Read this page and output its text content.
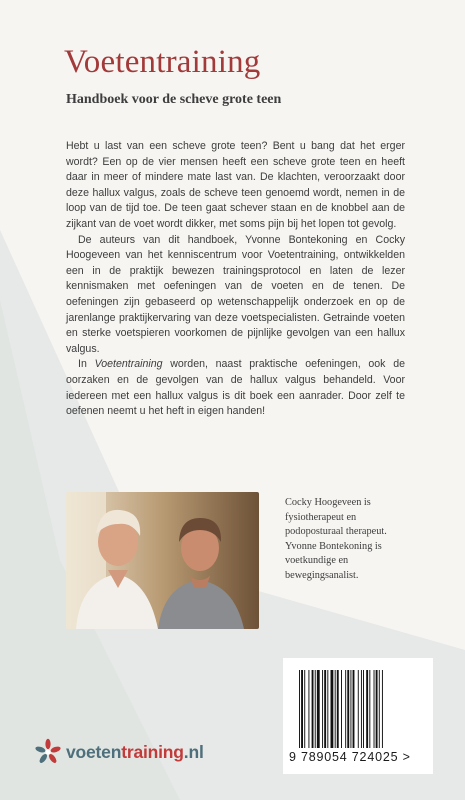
Voetentraining
Handboek voor de scheve grote teen

Hebt u last van een scheve grote teen? Bent u bang dat het erger wordt? Een op de vier mensen heeft een scheve grote teen en heeft daar in meer of mindere mate last van. De klachten, veroorzaakt door deze hallux valgus, zoals de scheve teen genoemd wordt, nemen in de loop van de tijd toe. De teen gaat schever staan en de knobbel aan de zijkant van de voet wordt dikker, met soms pijn bij het lopen tot gevolg.

De auteurs van dit handboek, Yvonne Bontekoning en Cocky Hoogeveen van het kenniscentrum voor Voetentraining, ontwikkelden een in de praktijk bewezen trainingsprotocol en laten de lezer kennismaken met oefeningen van de voeten en de tenen. De oefeningen zijn gebaseerd op wetenschappelijk onderzoek en op de jarenlange praktijkervaring van deze voetspecialisten. Getrainde voeten en sterke voetspieren voorkomen de pijnlijke gevolgen van een hallux valgus.

In Voetentraining worden, naast praktische oefeningen, ook de oorzaken en de gevolgen van de hallux valgus behandeld. Voor iedereen met een hallux valgus is dit boek een aanrader. Door zelf te oefenen neemt u het heft in eigen handen!

Cocky Hoogeveen is fysiotherapeut en podoposturaal therapeut.

Yvonne Bontekoning is voetkundige en bewegingsanalist.

9 789054 724025 >
voetentraining.nl
